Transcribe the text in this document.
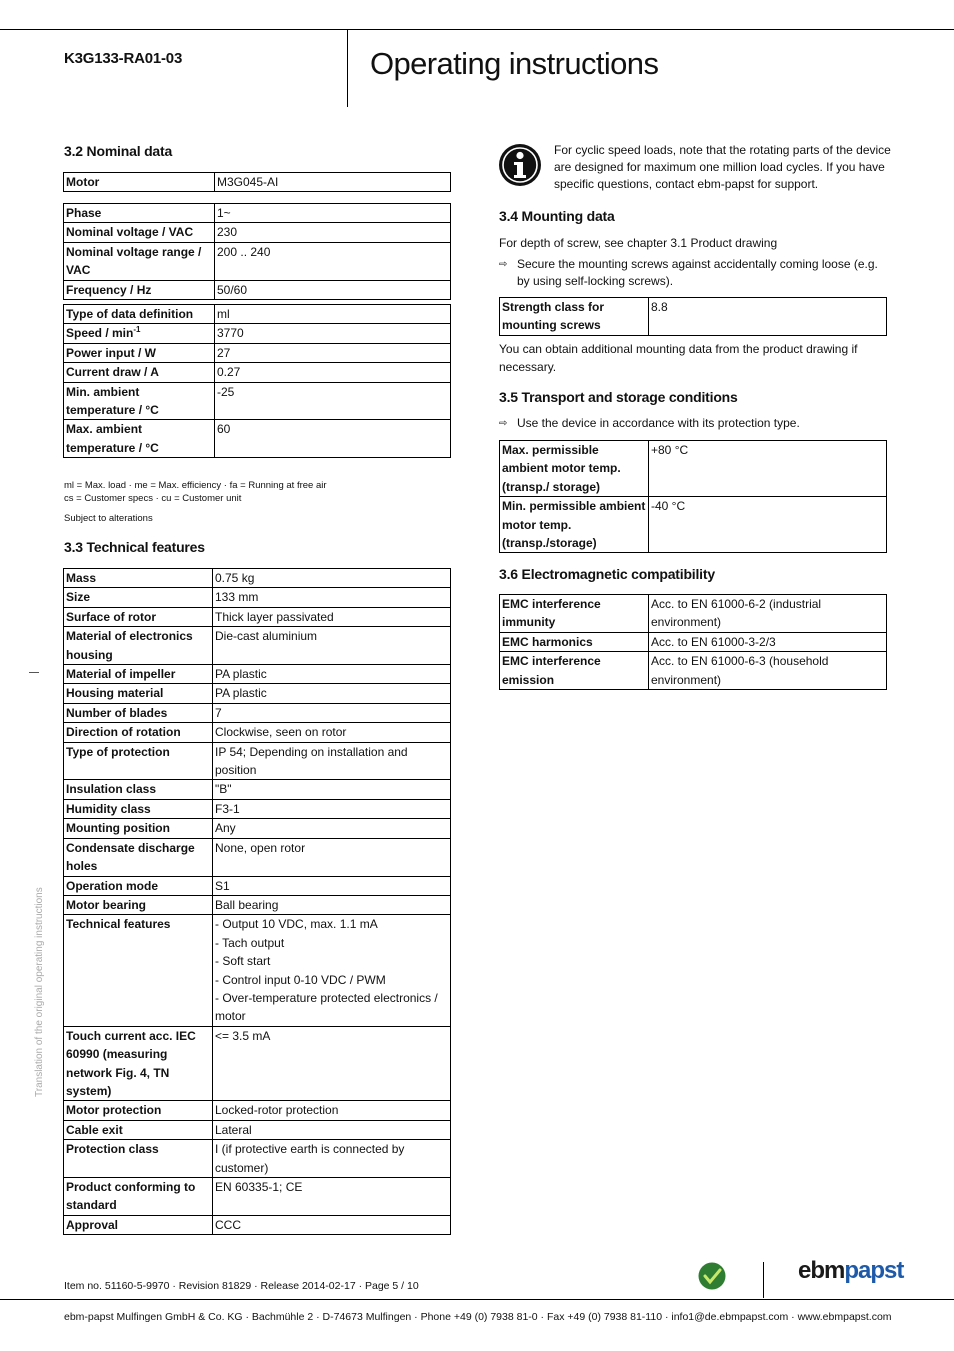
K3G133-RA01-03	Operating instructions
3.2 Nominal data
Motor	M3G045-AI
Phase	1~
Nominal voltage / VAC	230
Nominal voltage range / VAC	200 .. 240
Frequency / Hz	50/60
Type of data definition	ml
Speed / $\min^{-1}$	3770
Power input / W	27
Current draw / A	0.27
Min. ambient temperature / °C	-25
Max. ambient temperature / °C	60
ml = Max. load · me = Max. efficiency · fa = Running at free air
cs = Customer specs · cu = Customer unit
Subject to alterations
3.3 Technical features
Mass	0.75 kg
Size	133 mm
Surface of rotor	Thick layer passivated
Material of electronics housing	Die-cast aluminium
Material of impeller	PA plastic
Housing material	PA plastic
Number of blades	7
Direction of rotation	Clockwise, seen on rotor
Type of protection	IP 54; Depending on installation and position
Insulation class	"B"
Humidity class	F3-1
Mounting position	Any
Condensate discharge holes	None, open rotor
Operation mode	S1
Motor bearing	Ball bearing
Technical features	- Output 10 VDC, max. 1.1 mA
- Tach output
- Soft start
- Control input 0-10 VDC / PWM
- Over-temperature protected electronics / motor
Touch current acc. IEC 60990 (measuring network Fig. 4, TN system)	<= 3.5 mA
Motor protection	Locked-rotor protection
Cable exit	Lateral
Protection class	I (if protective earth is connected by customer)
Product conforming to standard	EN 60335-1; CE
Approval	CCC
For cyclic speed loads, note that the rotating parts of the device are designed for maximum one million load cycles. If you have specific questions, contact ebm-papst for support.
3.4 Mounting data
For depth of screw, see chapter 3.1 Product drawing
⇨ Secure the mounting screws against accidentally coming loose (e.g. by using self-locking screws).
Strength class for mounting screws	8.8
You can obtain additional mounting data from the product drawing if necessary.
3.5 Transport and storage conditions
⇨ Use the device in accordance with its protection type.
Max. permissible ambient motor temp. (transp./ storage)	+80 °C
Min. permissible ambient motor temp. (transp./storage)	-40 °C
3.6 Electromagnetic compatibility
EMC interference immunity	Acc. to EN 61000-6-2 (industrial environment)
EMC harmonics	Acc. to EN 61000-3-2/3
EMC interference emission	Acc. to EN 61000-6-3 (household environment)
Translation of the original operating instructions
Item no. 51160-5-9970 · Revision 81829 · Release 2014-02-17 · Page 5 / 10
ebmpapst
ebm-papst Mulfingen GmbH & Co. KG · Bachmühle 2 · D-74673 Mulfingen · Phone +49 (0) 7938 81-0 · Fax +49 (0) 7938 81-110 · info1@de.ebmpapst.com · www.ebmpapst.com
